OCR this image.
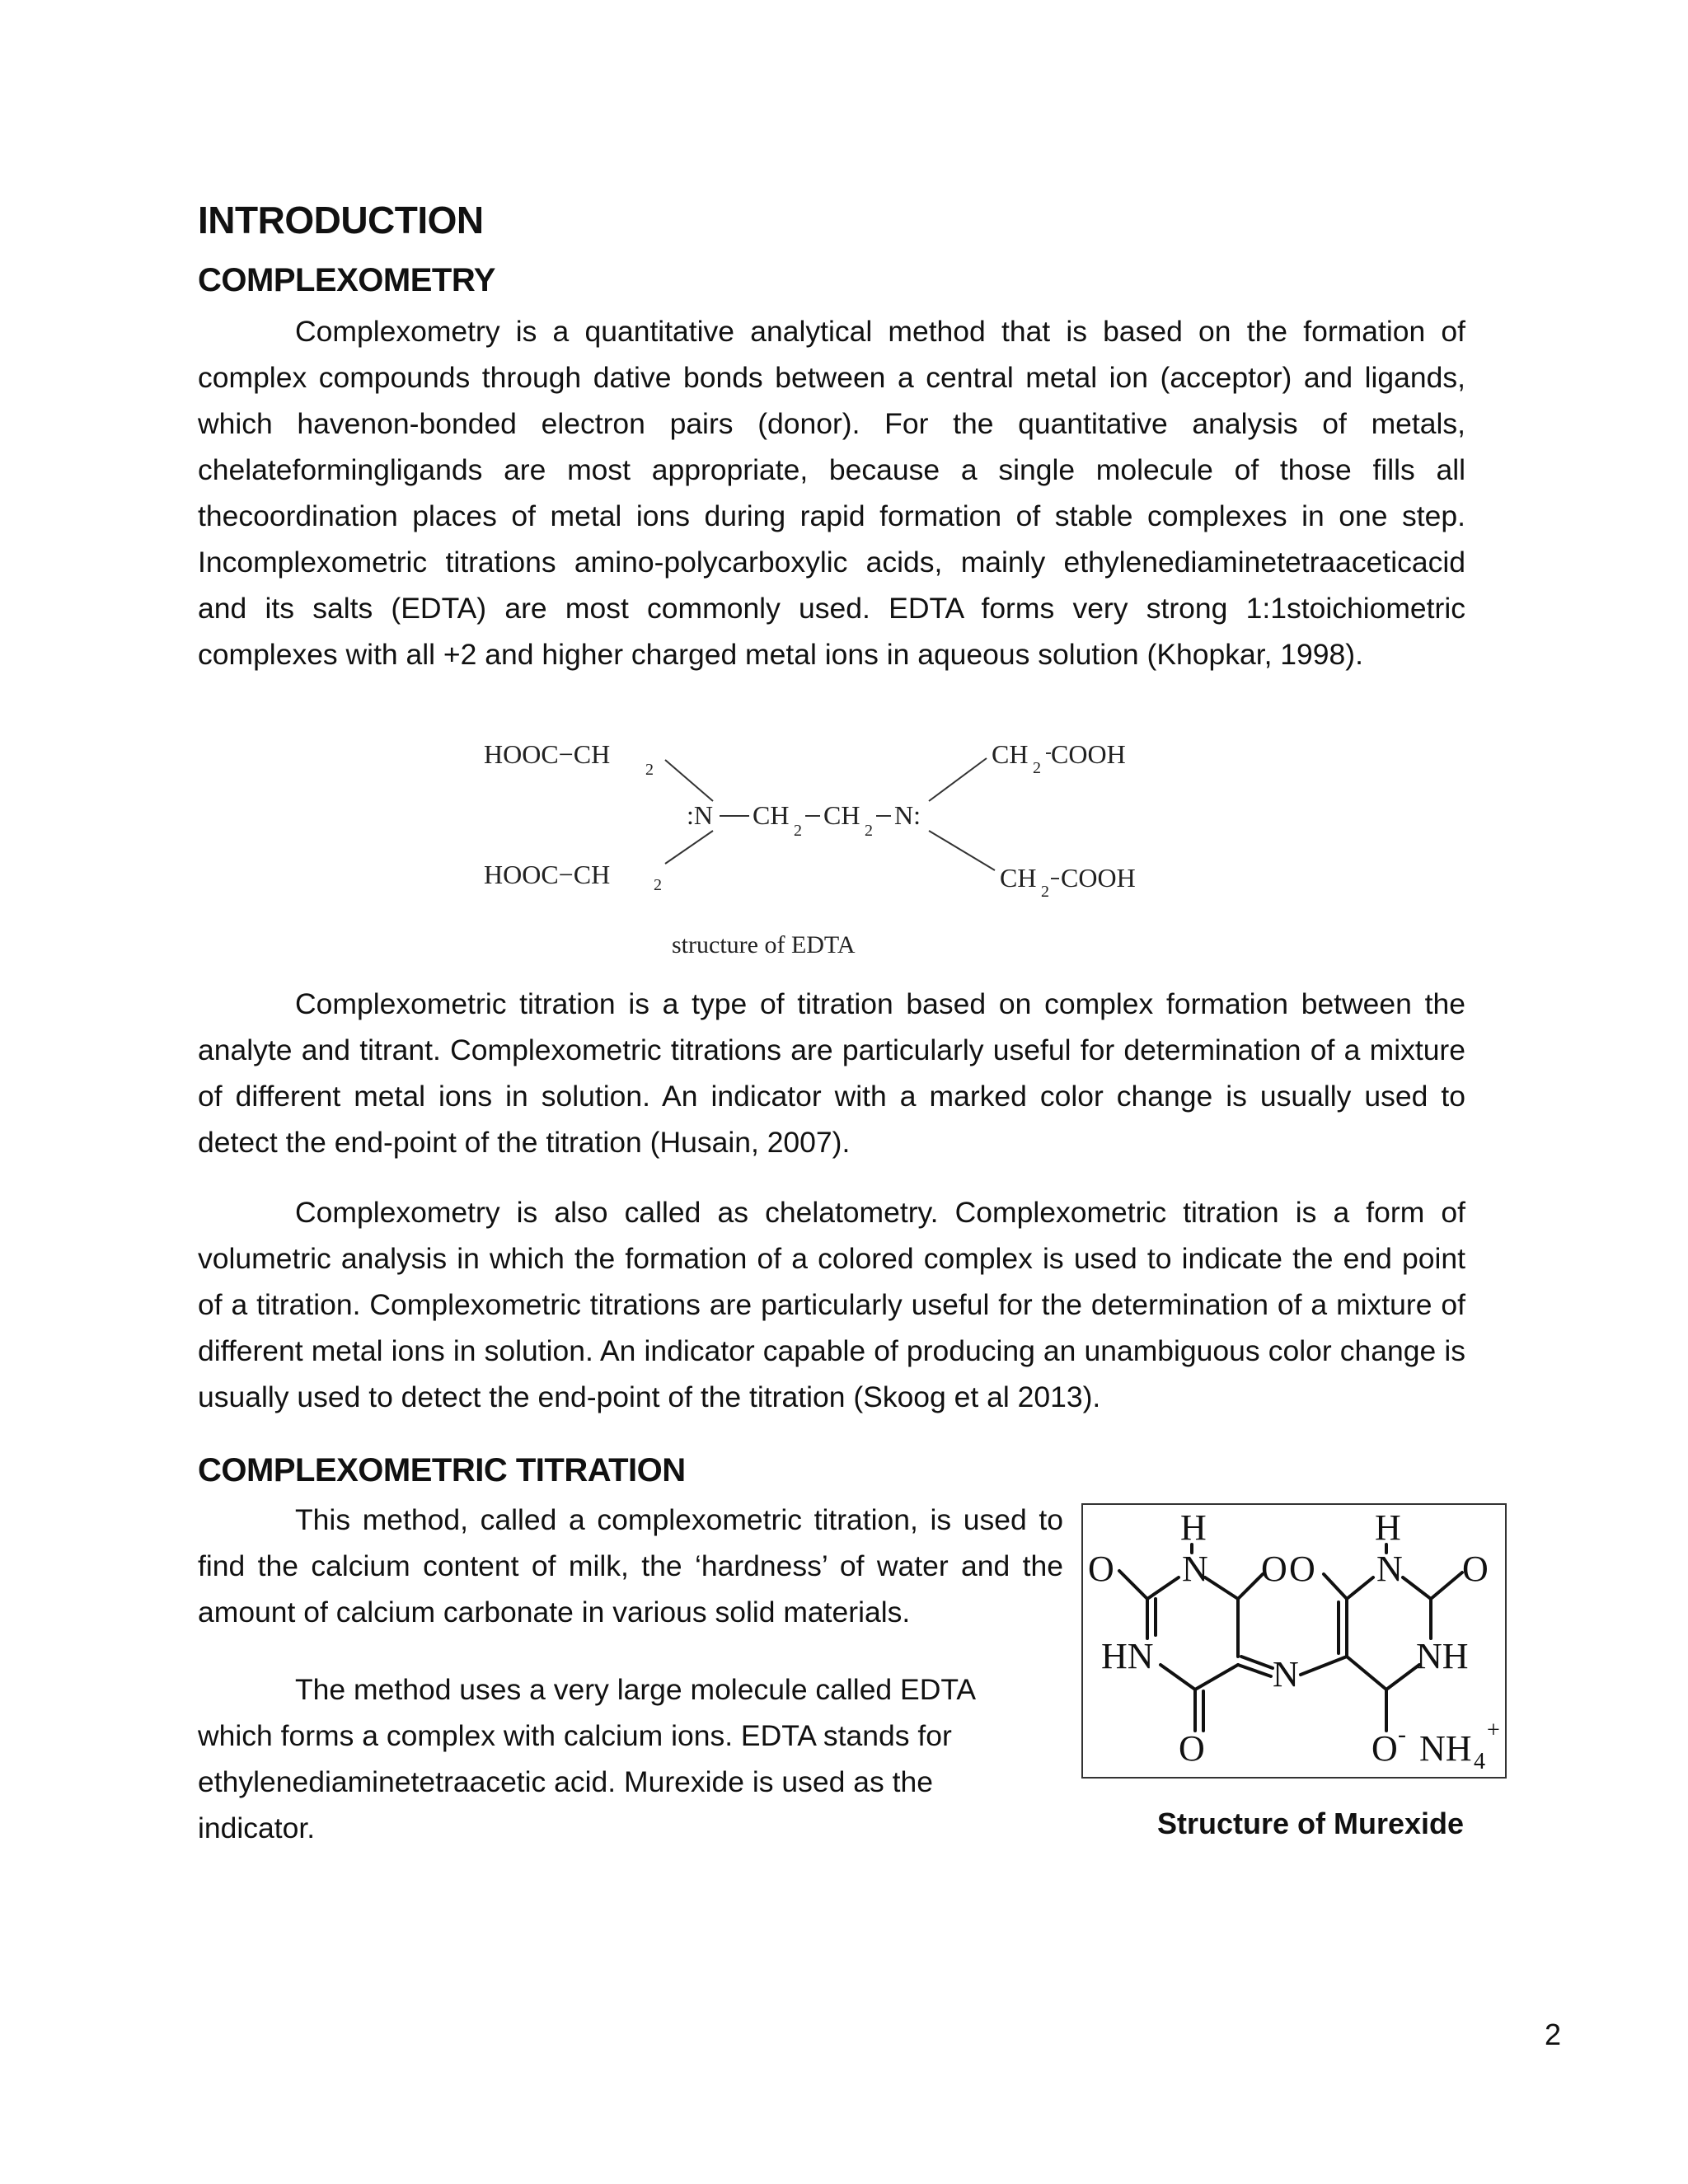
INTRODUCTION
COMPLEXOMETRY

Complexometry is a quantitative analytical method that is based on the formation of complex compounds through dative bonds between a central metal ion (acceptor) and ligands, which havenon-bonded electron pairs (donor). For the quantitative analysis of metals, chelateformingligands are most appropriate, because a single molecule of those fills all thecoordination places of metal ions during rapid formation of stable complexes in one step. Incomplexometric titrations amino-polycarboxylic acids, mainly ethylenediaminetetraaceticacid and its salts (EDTA) are most commonly used. EDTA forms very strong 1:1stoichiometric complexes with all +2 and higher charged metal ions in aqueous solution (Khopkar, 1998).

HOOC−CH
2
HOOC−CH	2
:N CH
2
CH
2
N:
CH 2 COOH
CH 2 COOH
structure of EDTA

Complexometric titration is a type of titration based on complex formation between the analyte and titrant. Complexometric titrations are particularly useful for determination of a mixture of different metal ions in solution. An indicator with a marked color change is usually used to detect the end-point of the titration (Husain, 2007).

Complexometry is also called as chelatometry. Complexometric titration is a form of volumetric analysis in which the formation of a colored complex is used to indicate the end point of a titration. Complexometric titrations are particularly useful for the determination of a mixture of different metal ions in solution. An indicator capable of producing an unambiguous color change is usually used to detect the end-point of the titration (Skoog et al 2013).

COMPLEXOMETRIC TITRATION

This method, called a complexometric titration, is used to find the calcium content of milk, the ‘hardness’ of water and the amount of calcium carbonate in various solid materials.

The method uses a very large molecule called EDTA which forms a complex with calcium ions. EDTA stands for ethylenediaminetetraacetic acid. Murexide is used as the indicator.

H	H
O N O O N O
HN	N	NH
O	O - NH 4
+
Structure of Murexide
2
